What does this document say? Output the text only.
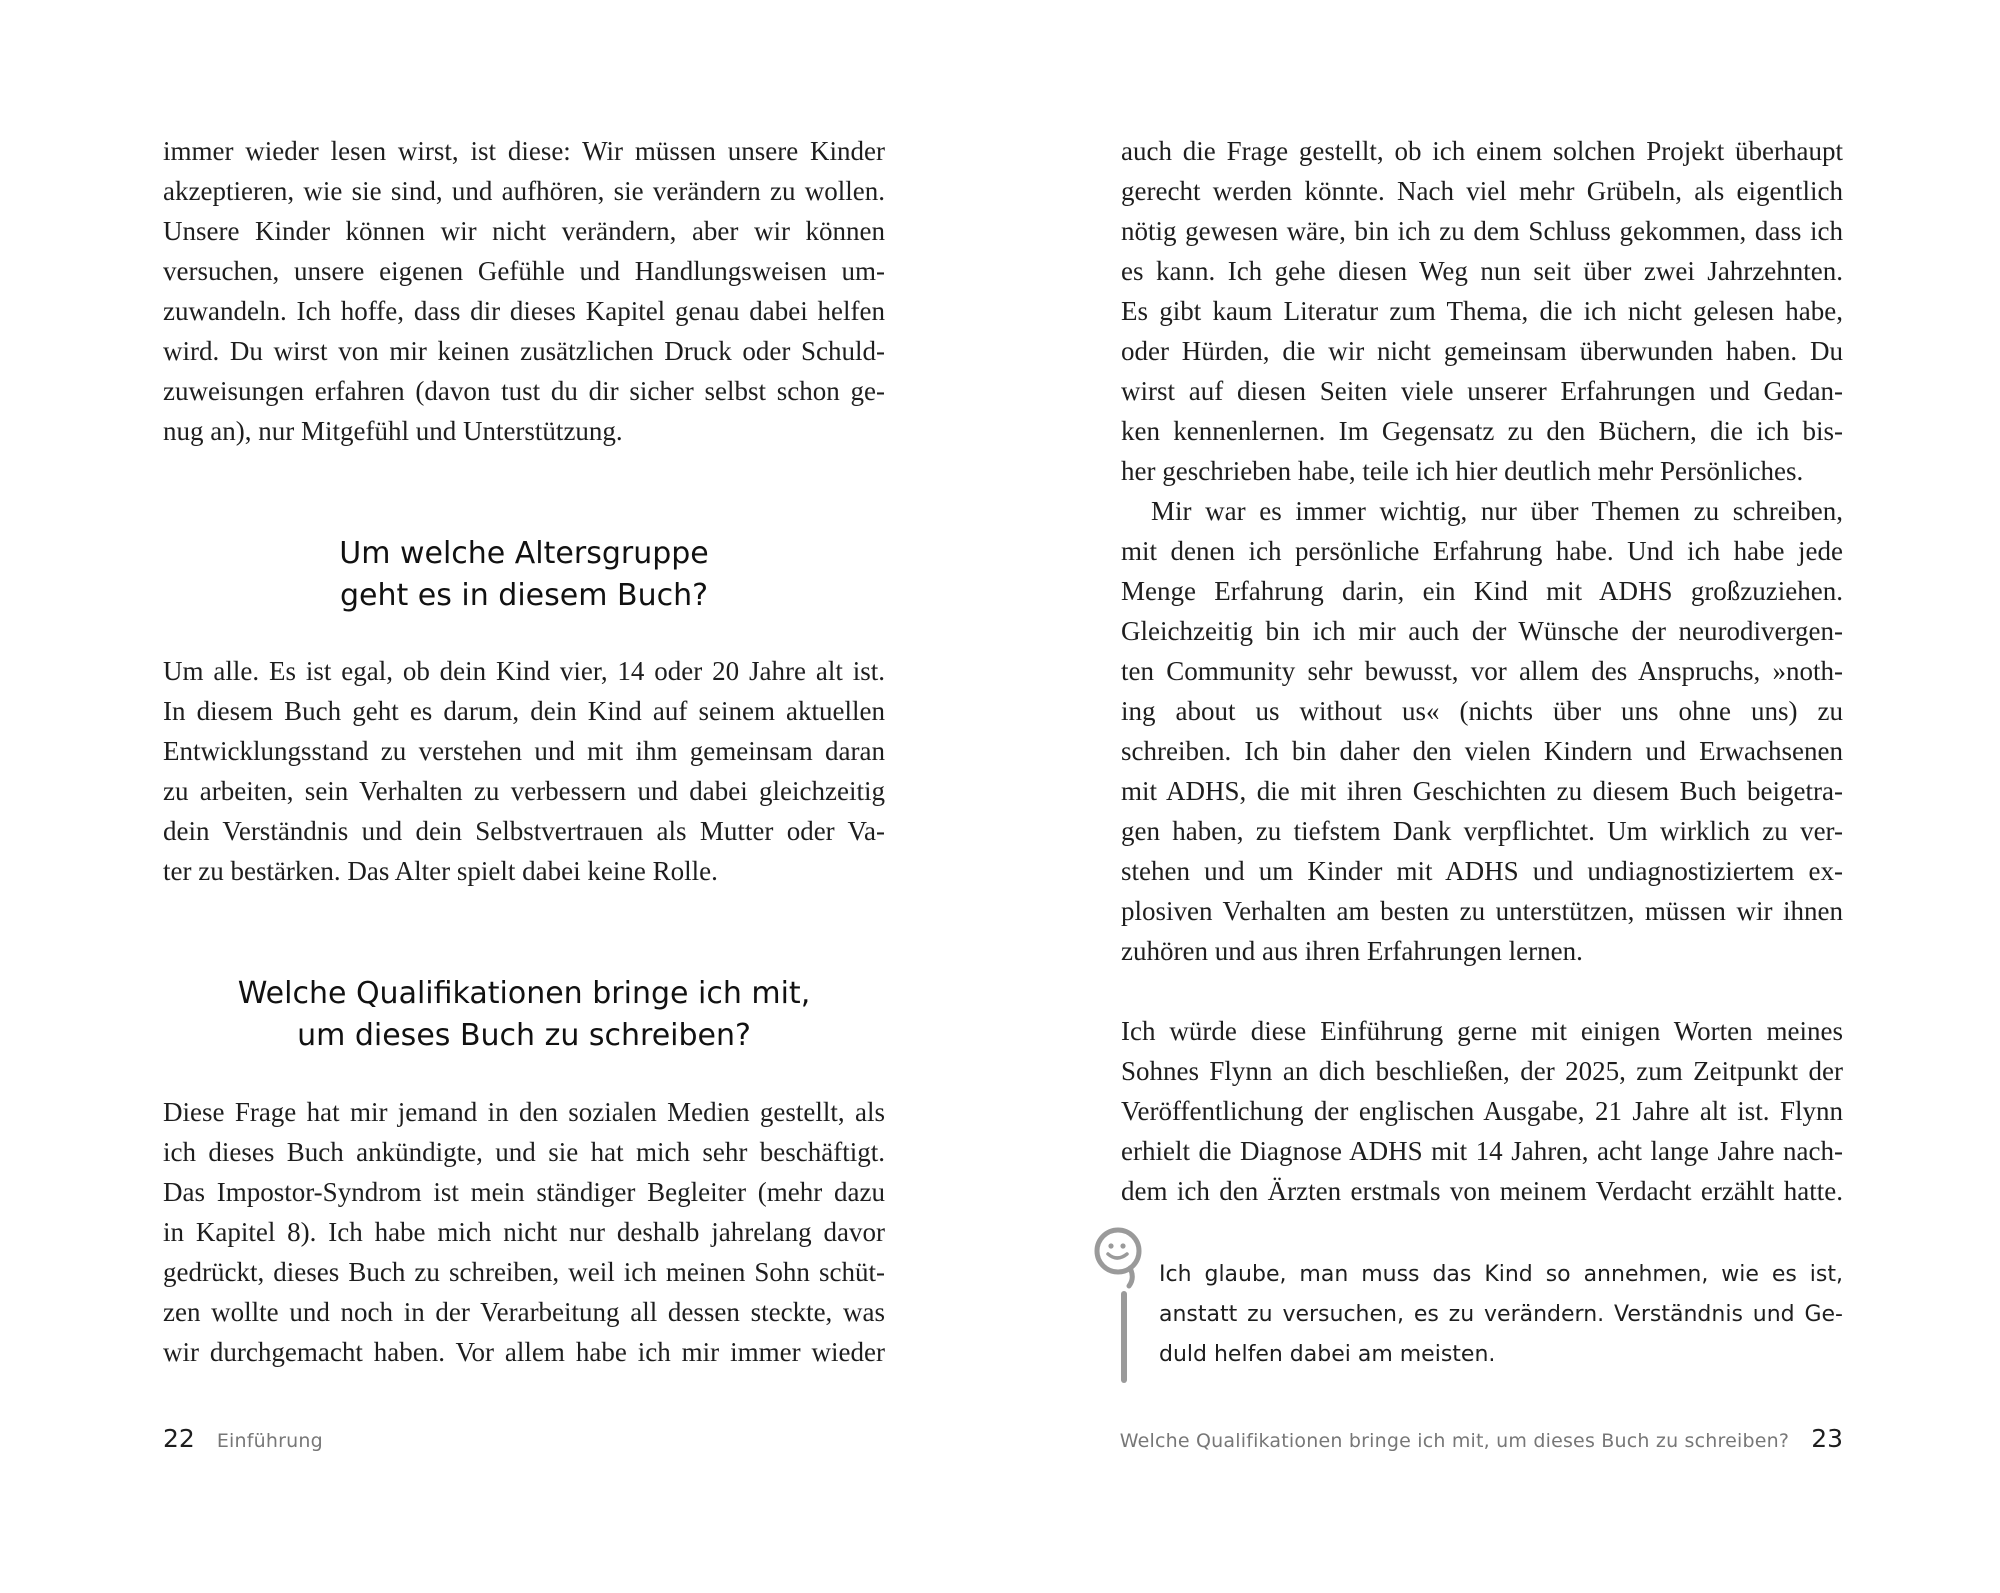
immer wieder lesen wirst, ist diese: Wir müssen unsere Kinder
akzeptieren, wie sie sind, und aufhören, sie verändern zu wollen.
Unsere Kinder können wir nicht verändern, aber wir können
versuchen, unsere eigenen Gefühle und Handlungsweisen um-
zuwandeln. Ich hoffe, dass dir dieses Kapitel genau dabei helfen
wird. Du wirst von mir keinen zusätzlichen Druck oder Schuld-
zuweisungen erfahren (davon tust du dir sicher selbst schon ge-
nug an), nur Mitgefühl und Unterstützung.
Um welche Altersgruppe
geht es in diesem Buch?
Um alle. Es ist egal, ob dein Kind vier, 14 oder 20 Jahre alt ist.
In diesem Buch geht es darum, dein Kind auf seinem aktuellen
Entwicklungsstand zu verstehen und mit ihm gemeinsam daran
zu arbeiten, sein Verhalten zu verbessern und dabei gleichzeitig
dein Verständnis und dein Selbstvertrauen als Mutter oder Va-
ter zu bestärken. Das Alter spielt dabei keine Rolle.
Welche Qualifikationen bringe ich mit,
um dieses Buch zu schreiben?
Diese Frage hat mir jemand in den sozialen Medien gestellt, als
ich dieses Buch ankündigte, und sie hat mich sehr beschäftigt.
Das Impostor-Syndrom ist mein ständiger Begleiter (mehr dazu
in Kapitel 8). Ich habe mich nicht nur deshalb jahrelang davor
gedrückt, dieses Buch zu schreiben, weil ich meinen Sohn schüt-
zen wollte und noch in der Verarbeitung all dessen steckte, was
wir durchgemacht haben. Vor allem habe ich mir immer wieder
22 Einführung
auch die Frage gestellt, ob ich einem solchen Projekt überhaupt
gerecht werden könnte. Nach viel mehr Grübeln, als eigentlich
nötig gewesen wäre, bin ich zu dem Schluss gekommen, dass ich
es kann. Ich gehe diesen Weg nun seit über zwei Jahrzehnten.
Es gibt kaum Literatur zum Thema, die ich nicht gelesen habe,
oder Hürden, die wir nicht gemeinsam überwunden haben. Du
wirst auf diesen Seiten viele unserer Erfahrungen und Gedan-
ken kennenlernen. Im Gegensatz zu den Büchern, die ich bis-
her geschrieben habe, teile ich hier deutlich mehr Persönliches.
Mir war es immer wichtig, nur über Themen zu schreiben,
mit denen ich persönliche Erfahrung habe. Und ich habe jede
Menge Erfahrung darin, ein Kind mit ADHS großzuziehen.
Gleichzeitig bin ich mir auch der Wünsche der neurodivergen-
ten Community sehr bewusst, vor allem des Anspruchs, »noth-
ing about us without us« (nichts über uns ohne uns) zu
schreiben. Ich bin daher den vielen Kindern und Erwachsenen
mit ADHS, die mit ihren Geschichten zu diesem Buch beigetra-
gen haben, zu tiefstem Dank verpflichtet. Um wirklich zu ver-
stehen und um Kinder mit ADHS und undiagnostiziertem ex-
plosiven Verhalten am besten zu unterstützen, müssen wir ihnen
zuhören und aus ihren Erfahrungen lernen.
Ich würde diese Einführung gerne mit einigen Worten meines
Sohnes Flynn an dich beschließen, der 2025, zum Zeitpunkt der
Veröffentlichung der englischen Ausgabe, 21 Jahre alt ist. Flynn
erhielt die Diagnose ADHS mit 14 Jahren, acht lange Jahre nach-
dem ich den Ärzten erstmals von meinem Verdacht erzählt hatte.
Ich glaube, man muss das Kind so annehmen, wie es ist,
anstatt zu versuchen, es zu verändern. Verständnis und Ge-
duld helfen dabei am meisten.
Welche Qualifikationen bringe ich mit, um dieses Buch zu schreiben? 23
